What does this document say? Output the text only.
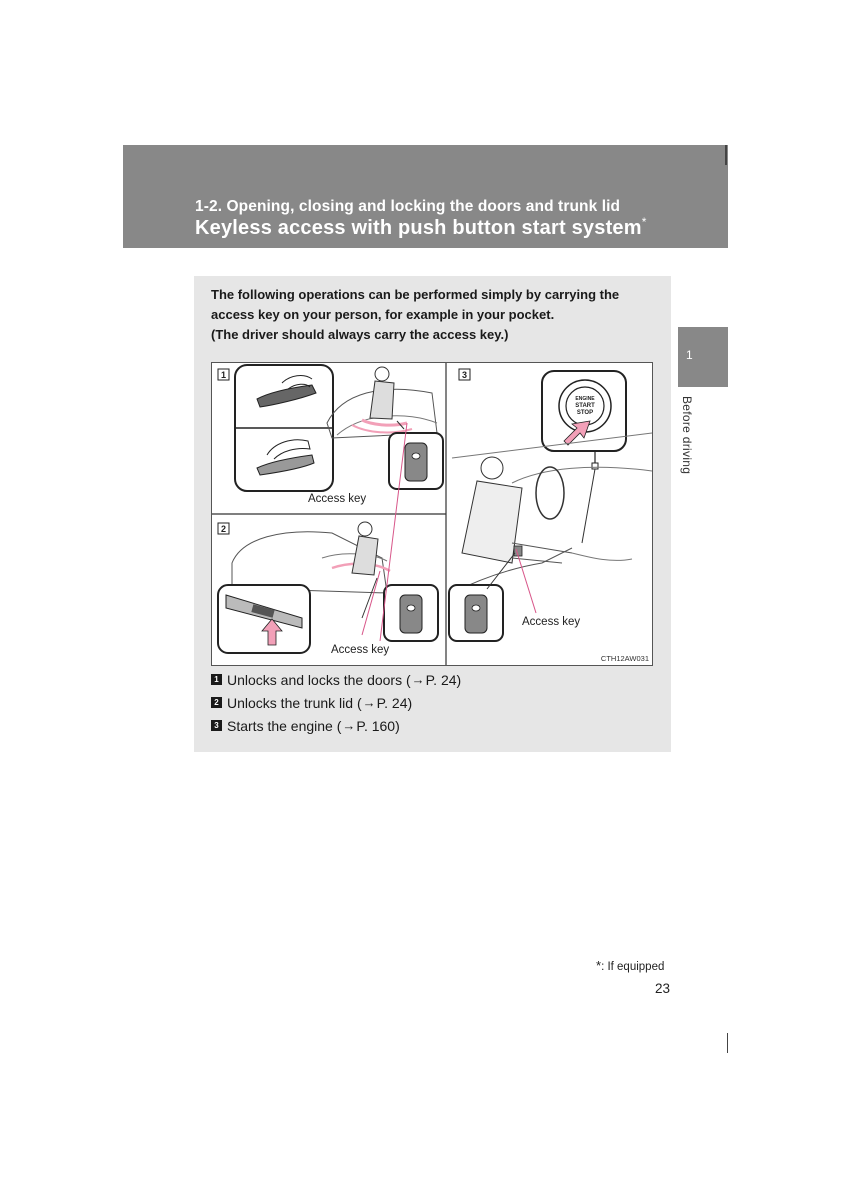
1-2. Opening, closing and locking the doors and trunk lid
Keyless access with push button start system*
1
Before driving
The following operations can be performed simply by carrying the access key on your person, for example in your pocket.
(The driver should always carry the access key.)
1
2
3
ENGINE
START
STOP
Access key
Access key
Access key
CTH12AW031
1 Unlocks and locks the doors ( → P. 24)
2 Unlocks the trunk lid ( → P. 24)
3 Starts the engine ( → P. 160)
*: If equipped
23
